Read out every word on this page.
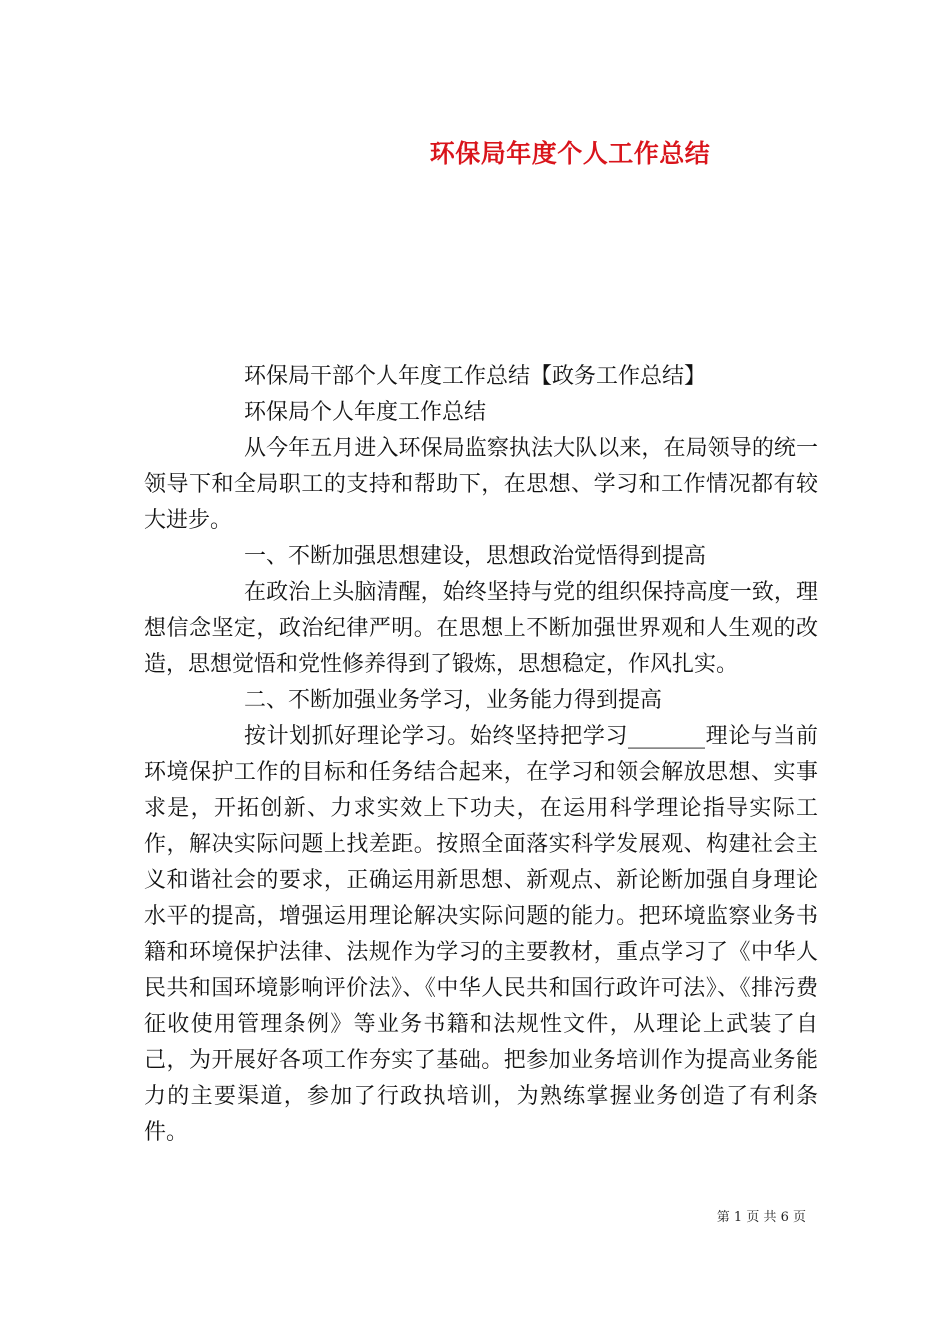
环保局年度个人工作总结

环保局干部个人年度工作总结【政务工作总结】

环保局个人年度工作总结

从今年五月进入环保局监察执法大队以来，在局领导的统一领导下和全局职工的支持和帮助下，在思想、学习和工作情况都有较大进步。

一、不断加强思想建设，思想政治觉悟得到提高

在政治上头脑清醒，始终坚持与党的组织保持高度一致，理想信念坚定，政治纪律严明。在思想上不断加强世界观和人生观的改造，思想觉悟和党性修养得到了锻炼，思想稳定，作风扎实。

二、不断加强业务学习，业务能力得到提高

按计划抓好理论学习。始终坚持把学习_______理论与当前环境保护工作的目标和任务结合起来，在学习和领会解放思想、实事求是，开拓创新、力求实效上下功夫，在运用科学理论指导实际工作，解决实际问题上找差距。按照全面落实科学发展观、构建社会主义和谐社会的要求，正确运用新思想、新观点、新论断加强自身理论水平的提高，增强运用理论解决实际问题的能力。把环境监察业务书籍和环境保护法律、法规作为学习的主要教材，重点学习了《中华人民共和国环境影响评价法》、《中华人民共和国行政许可法》、《排污费征收使用管理条例》等业务书籍和法规性文件，从理论上武装了自己，为开展好各项工作夯实了基础。把参加业务培训作为提高业务能力的主要渠道，参加了行政执培训，为熟练掌握业务创造了有利条件。

第 1 页 共 6 页
